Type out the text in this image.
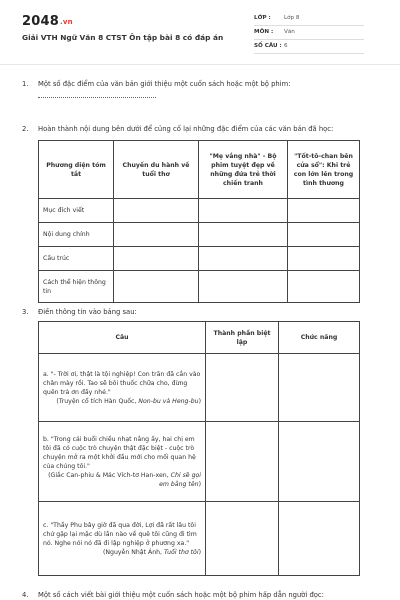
2048.vn
Giải VTH Ngữ Văn 8 CTST Ôn tập bài 8 có đáp án
LỚP : Lớp 8
MÔN : Văn
SỐ CÂU : 6
1. Một số đặc điểm của văn bản giới thiệu một cuốn sách hoặc một bộ phim:
2. Hoàn thành nội dung bên dưới để củng cố lại những đặc điểm của các văn bản đã học:
Phương diện tóm tắt	Chuyến du hành về tuổi thơ	"Mẹ vắng nhà" - Bộ phim tuyệt đẹp về những đứa trẻ thời chiến tranh	"Tốt-tô-chan bên cửa sổ": Khi trẻ con lớn lên trong tình thương
Mục đích viết			
Nội dung chính			
Cấu trúc			
Cách thể hiện thông tin			
3. Điền thông tin vào bảng sau:
Câu	Thành phần biệt lập	Chức năng

a. "- Trời ơi, thật là tội nghiệp! Con trăn đã cắn vào chân mày rồi. Tao sẽ bôi thuốc chữa cho, đừng quên trả ơn đấy nhé."
(Truyện cổ tích Hàn Quốc, Non-bu và Heng-bu)		

b. "Trong cái buổi chiều nhạt nắng ấy, hai chị em tôi đã có cuộc trò chuyện thật đặc biệt - cuộc trò chuyện mở ra một khởi đầu mới cho mối quan hệ của chúng tôi."
(Giắc Can-phiu & Mác Vích-tơ Han-xen, Chỉ sẽ gọi em bằng tên)		

c. "Thầy Phu bây giờ đã qua đời, Lợi đã rất lâu tôi chứ gặp lại mặc dù lần nào về quê tôi cũng đi tìm nó. Nghe nói nó đã đi lập nghiệp ở phương xa."
(Nguyễn Nhật Ánh, Tuổi thơ tôi)		

4. Một số cách viết bài giới thiệu một cuốn sách hoặc một bộ phim hấp dẫn người đọc:
